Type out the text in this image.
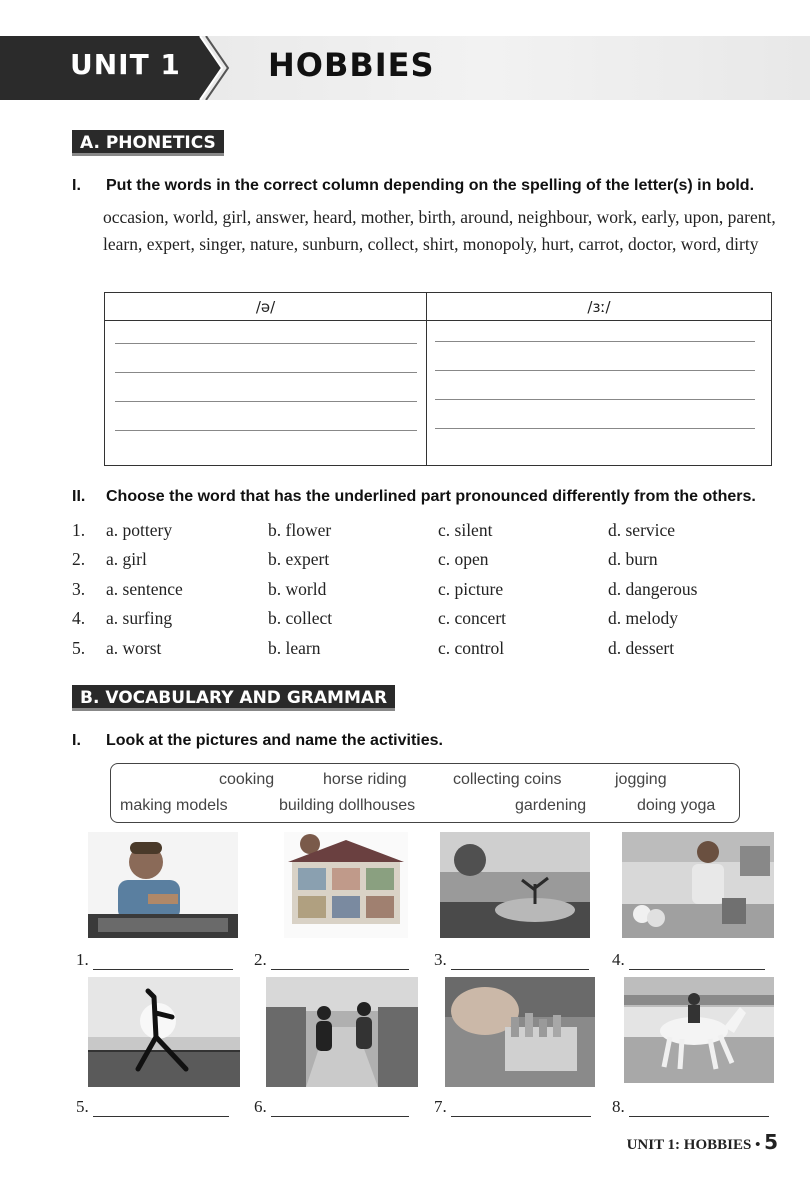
UNIT 1	HOBBIES
A. PHONETICS
I. Put the words in the correct column depending on the spelling of the letter(s) in bold.
occasion, world, girl, answer, heard, mother, birth, around, neighbour, work, early, upon, parent, learn, expert, singer, nature, sunburn, collect, shirt, monopoly, hurt, carrot, doctor, word, dirty
/ə/	/ɜː/
II. Choose the word that has the underlined part pronounced differently from the others.
1. a. pottery	b. flower	c. silent	d. service
2. a. girl	b. expert	c. open	d. burn
3. a. sentence	b. world	c. picture	d. dangerous
4. a. surfing	b. collect	c. concert	d. melody
5. a. worst	b. learn	c. control	d. dessert
B. VOCABULARY AND GRAMMAR
I. Look at the pictures and name the activities.
cooking	horse riding	collecting coins	jogging
making models	building dollhouses	gardening	doing yoga
1.	2.	3.	4.
5.	6.	7.	8.
UNIT 1: HOBBIES • 5
